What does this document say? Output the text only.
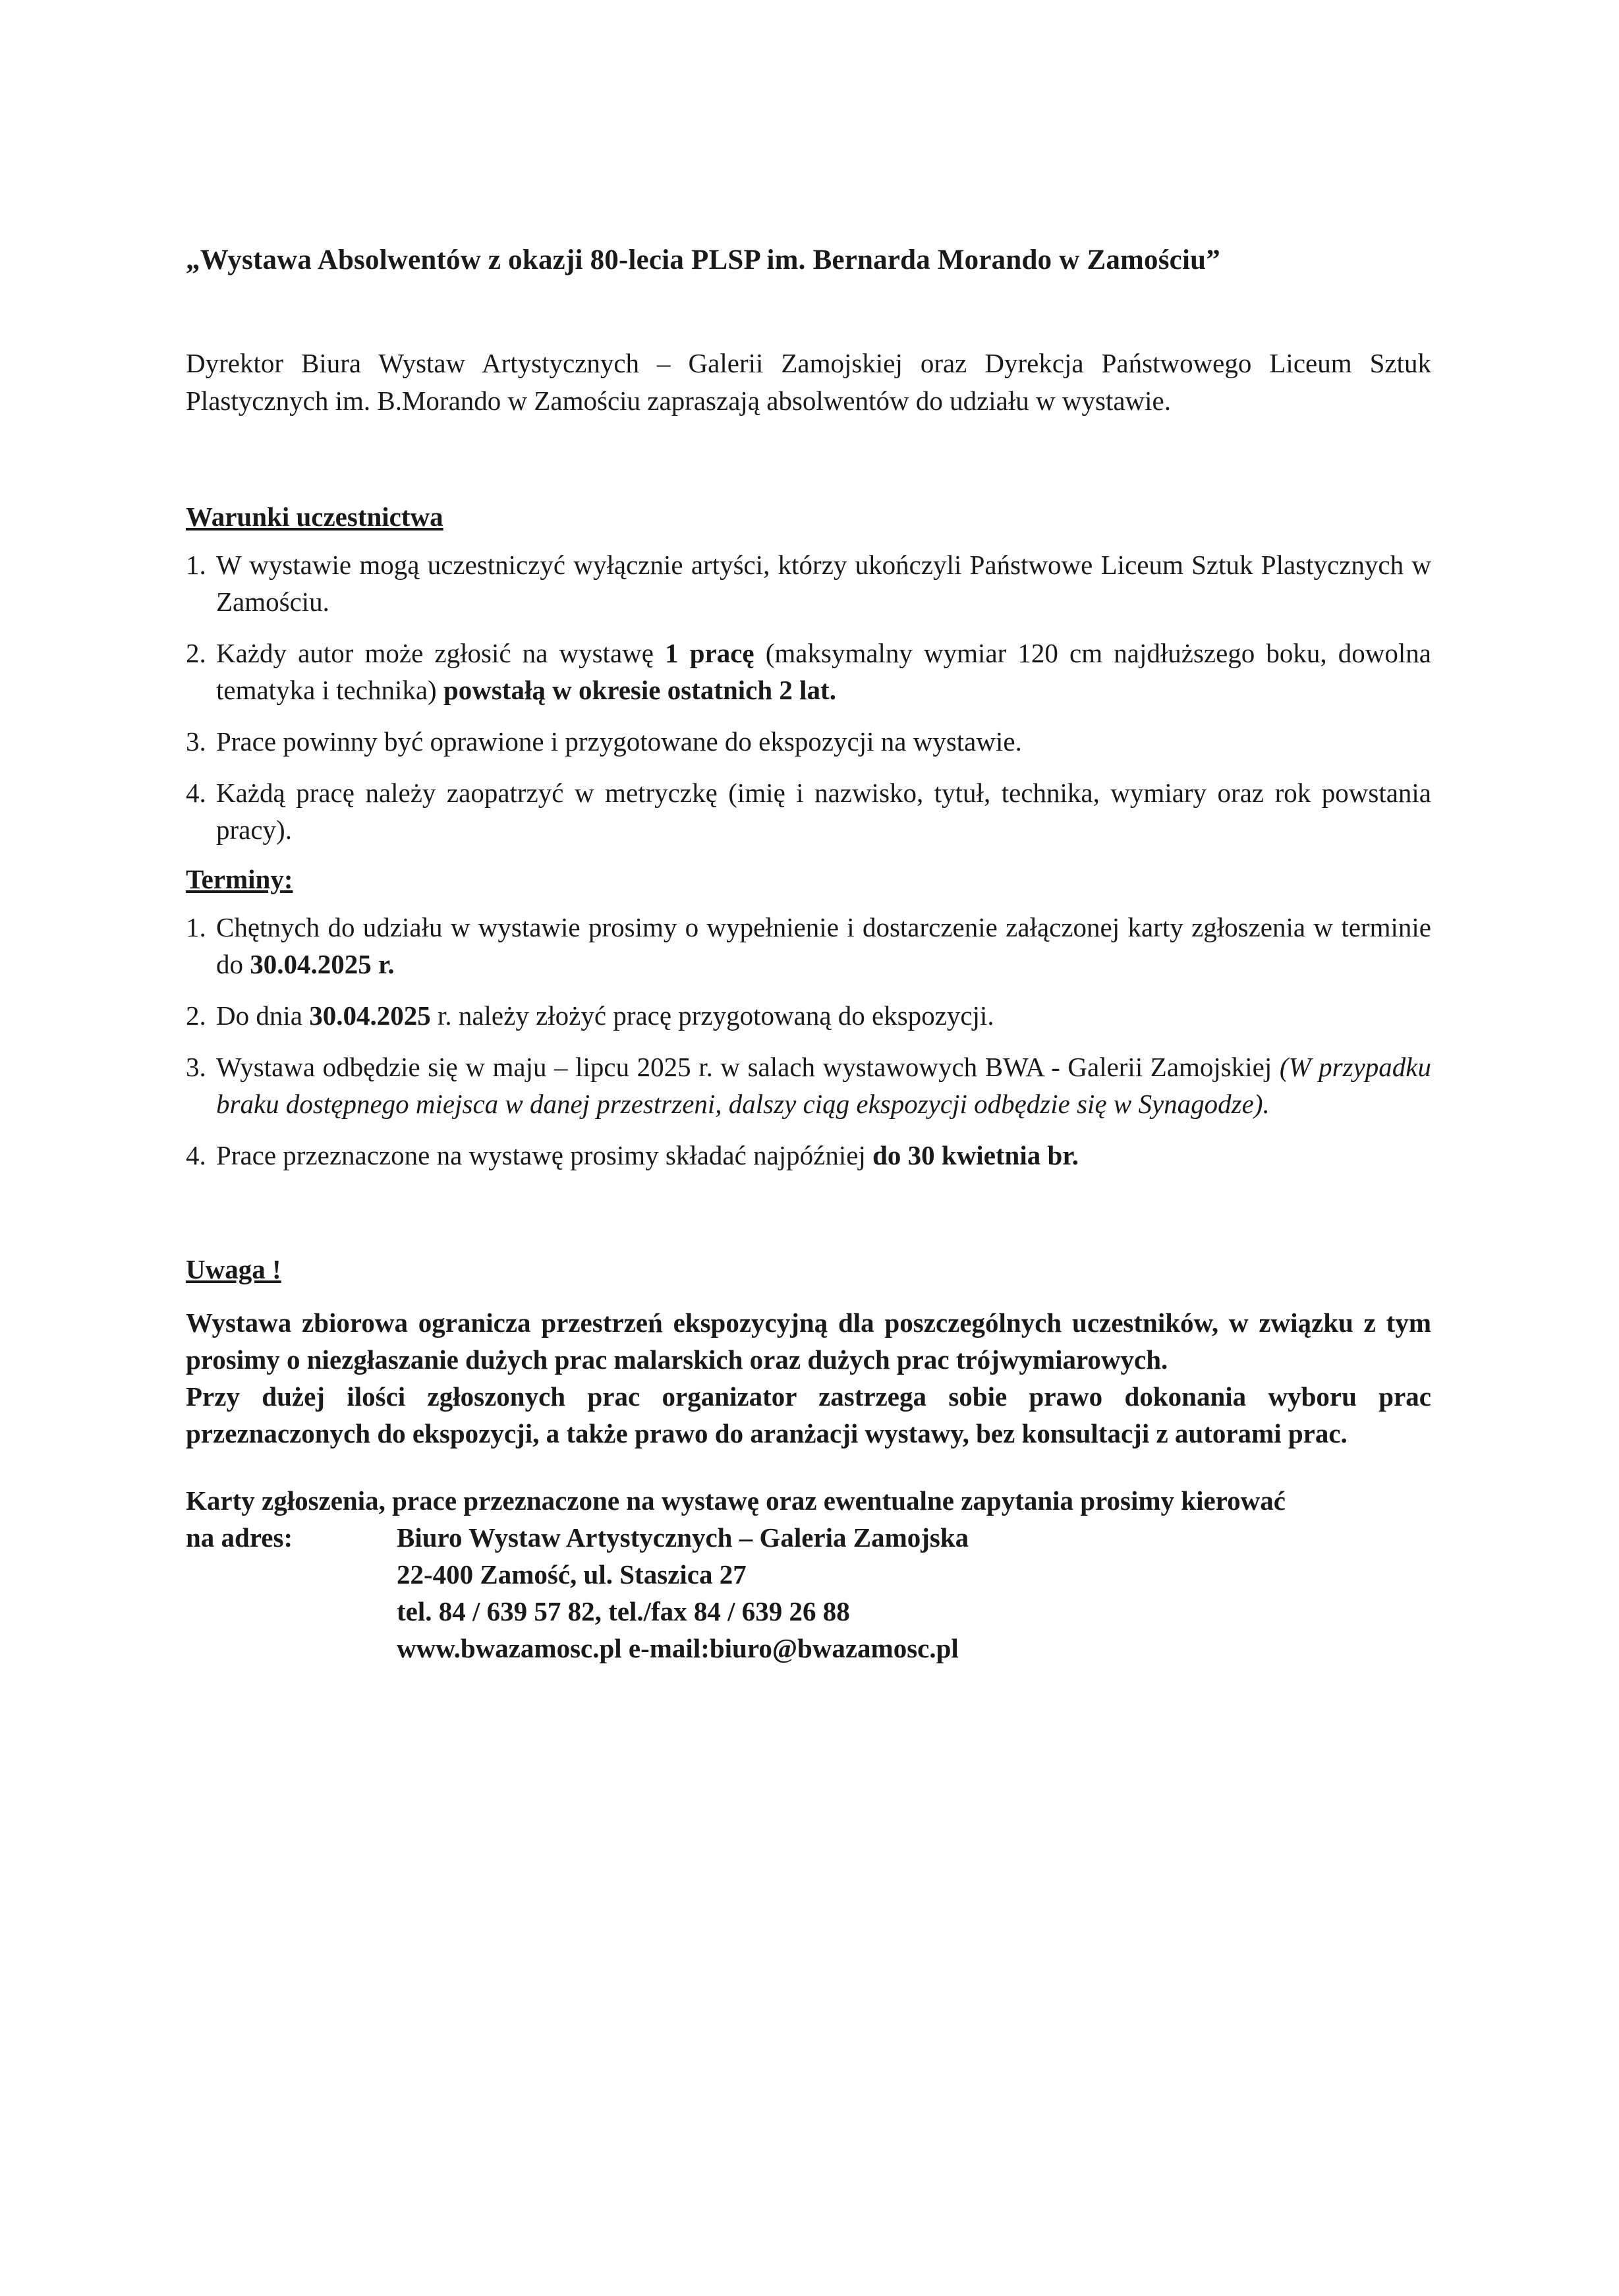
„Wystawa Absolwentów z okazji 80-lecia PLSP im. Bernarda Morando w Zamościu”

Dyrektor Biura Wystaw Artystycznych – Galerii Zamojskiej oraz Dyrekcja Państwowego Liceum Sztuk Plastycznych im. B.Morando w Zamościu zapraszają absolwentów do udziału w wystawie.

Warunki uczestnictwa
1. W wystawie mogą uczestniczyć wyłącznie artyści, którzy ukończyli Państwowe Liceum Sztuk Plastycznych w Zamościu.
2. Każdy autor może zgłosić na wystawę 1 pracę (maksymalny wymiar 120 cm najdłuższego boku, dowolna tematyka i technika) powstałą w okresie ostatnich 2 lat.
3. Prace powinny być oprawione i przygotowane do ekspozycji na wystawie.
4. Każdą pracę należy zaopatrzyć w metryczkę (imię i nazwisko, tytuł, technika, wymiary oraz rok powstania pracy).
Terminy:
1. Chętnych do udziału w wystawie prosimy o wypełnienie i dostarczenie załączonej karty zgłoszenia w terminie do 30.04.2025 r.
2. Do dnia 30.04.2025 r. należy złożyć pracę przygotowaną do ekspozycji.
3. Wystawa odbędzie się w maju – lipcu 2025 r. w salach wystawowych BWA - Galerii Zamojskiej (W przypadku braku dostępnego miejsca w danej przestrzeni, dalszy ciąg ekspozycji odbędzie się w Synagodze).
4. Prace przeznaczone na wystawę prosimy składać najpóźniej do 30 kwietnia br.
Uwaga !

Wystawa zbiorowa ogranicza przestrzeń ekspozycyjną dla poszczególnych uczestników, w związku z tym prosimy o niezgłaszanie dużych prac malarskich oraz dużych prac trójwymiarowych.

Przy dużej ilości zgłoszonych prac organizator zastrzega sobie prawo dokonania wyboru prac przeznaczonych do ekspozycji, a także prawo do aranżacji wystawy, bez konsultacji z autorami prac.

Karty zgłoszenia, prace przeznaczone na wystawę oraz ewentualne zapytania prosimy kierować

na adres:	Biuro Wystaw Artystycznych – Galeria Zamojska
22-400 Zamość, ul. Staszica 27
tel. 84 / 639 57 82, tel./fax 84 / 639 26 88
www.bwazamosc.pl e-mail:biuro@bwazamosc.pl
